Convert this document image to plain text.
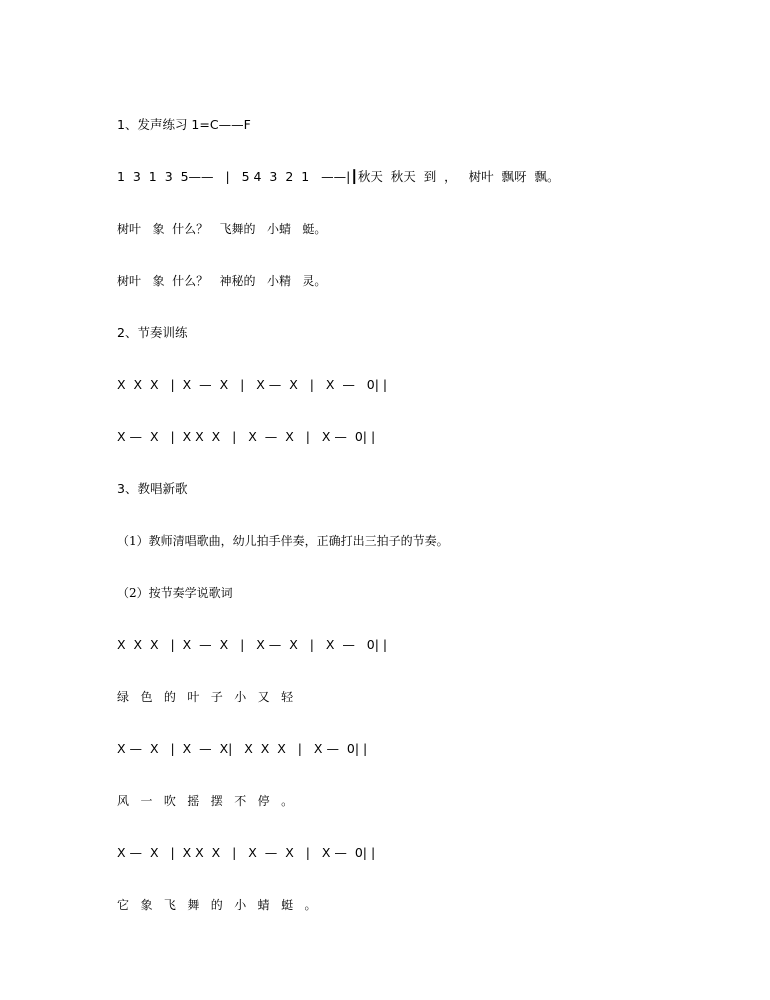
1、发声练习 1=C——F

1  3  1  3  5——   |   5 4  3  2  1   ——|┃秋天  秋天  到  ，   树叶  飘呀  飘。

树叶   象  什么？   飞舞的   小蜻   蜓。

树叶   象  什么？   神秘的   小精   灵。

2、节奏训练

X  X  X   |  X  —  X   |   X —  X   |   X  —   0| |

X —  X   |  X X  X   |   X  —  X   |   X —  0| |

3、教唱新歌

（1）教师清唱歌曲，幼儿拍手伴奏，正确打出三拍子的节奏。

（2）按节奏学说歌词

X  X  X   |  X  —  X   |   X —  X   |   X  —   0| |

绿   色   的   叶   子   小   又   轻

X —  X   |  X  —  X|   X  X  X   |   X —  0| |

风   一   吹   摇   摆   不   停   。

X —  X   |  X X  X   |   X  —  X   |   X —  0| |

它   象   飞   舞   的   小   蜻   蜓   。
